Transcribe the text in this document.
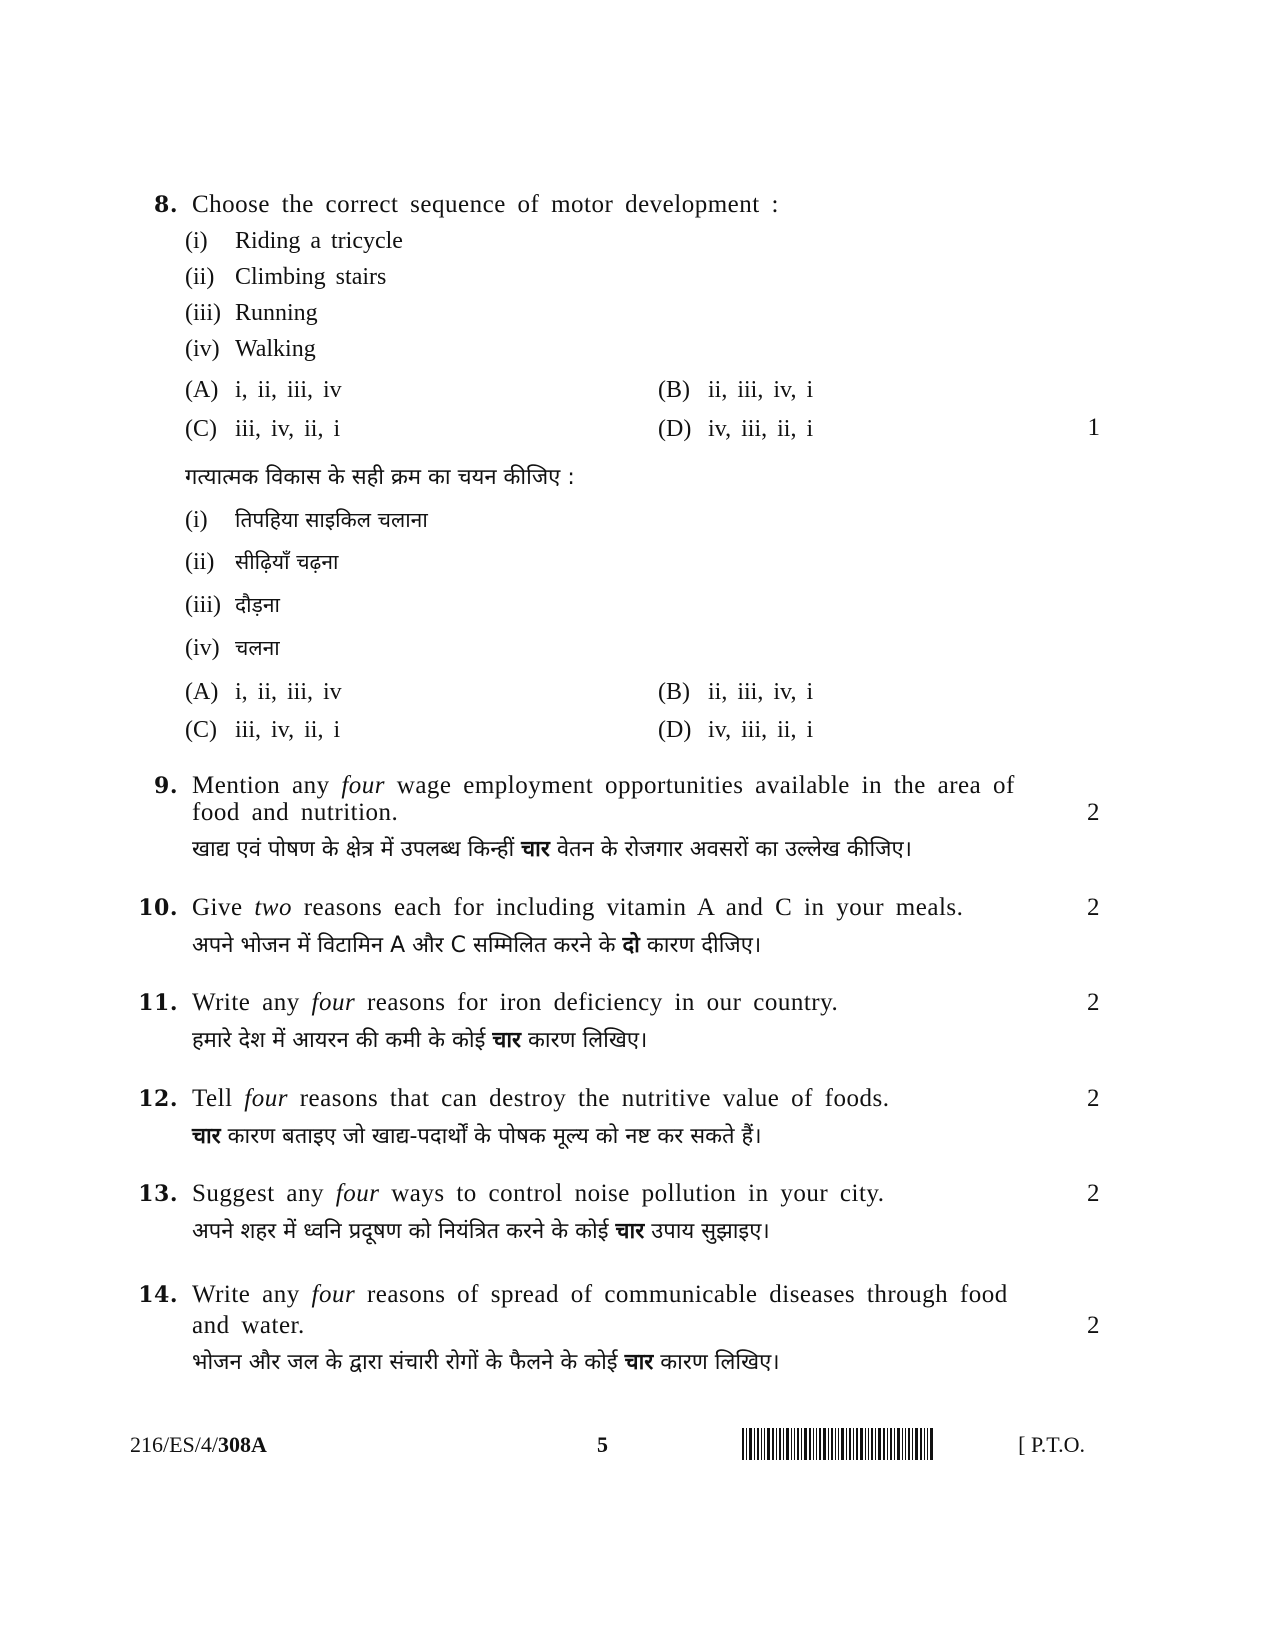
8. Choose the correct sequence of motor development :
(i) Riding a tricycle
(ii) Climbing stairs
(iii) Running
(iv) Walking
(A) i, ii, iii, iv	(B) ii, iii, iv, i
(C) iii, iv, ii, i	(D) iv, iii, ii, i	1
गत्यात्मक विकास के सही क्रम का चयन कीजिए :
(i) तिपहिया साइकिल चलाना
(ii) सीढ़ियाँ चढ़ना
(iii) दौड़ना
(iv) चलना
(A) i, ii, iii, iv	(B) ii, iii, iv, i
(C) iii, iv, ii, i	(D) iv, iii, ii, i
9. Mention any four wage employment opportunities available in the area of
food and nutrition.	2
खाद्य एवं पोषण के क्षेत्र में उपलब्ध किन्हीं चार वेतन के रोजगार अवसरों का उल्लेख कीजिए।
10. Give two reasons each for including vitamin A and C in your meals.	2
अपने भोजन में विटामिन A और C सम्मिलित करने के दो कारण दीजिए।
11. Write any four reasons for iron deficiency in our country.	2
हमारे देश में आयरन की कमी के कोई चार कारण लिखिए।
12. Tell four reasons that can destroy the nutritive value of foods.	2
चार कारण बताइए जो खाद्य-पदार्थों के पोषक मूल्य को नष्ट कर सकते हैं।
13. Suggest any four ways to control noise pollution in your city.	2
अपने शहर में ध्वनि प्रदूषण को नियंत्रित करने के कोई चार उपाय सुझाइए।
14. Write any four reasons of spread of communicable diseases through food
and water.	2
भोजन और जल के द्वारा संचारी रोगों के फैलने के कोई चार कारण लिखिए।
216/ES/4/308A	5	[ P.T.O.
